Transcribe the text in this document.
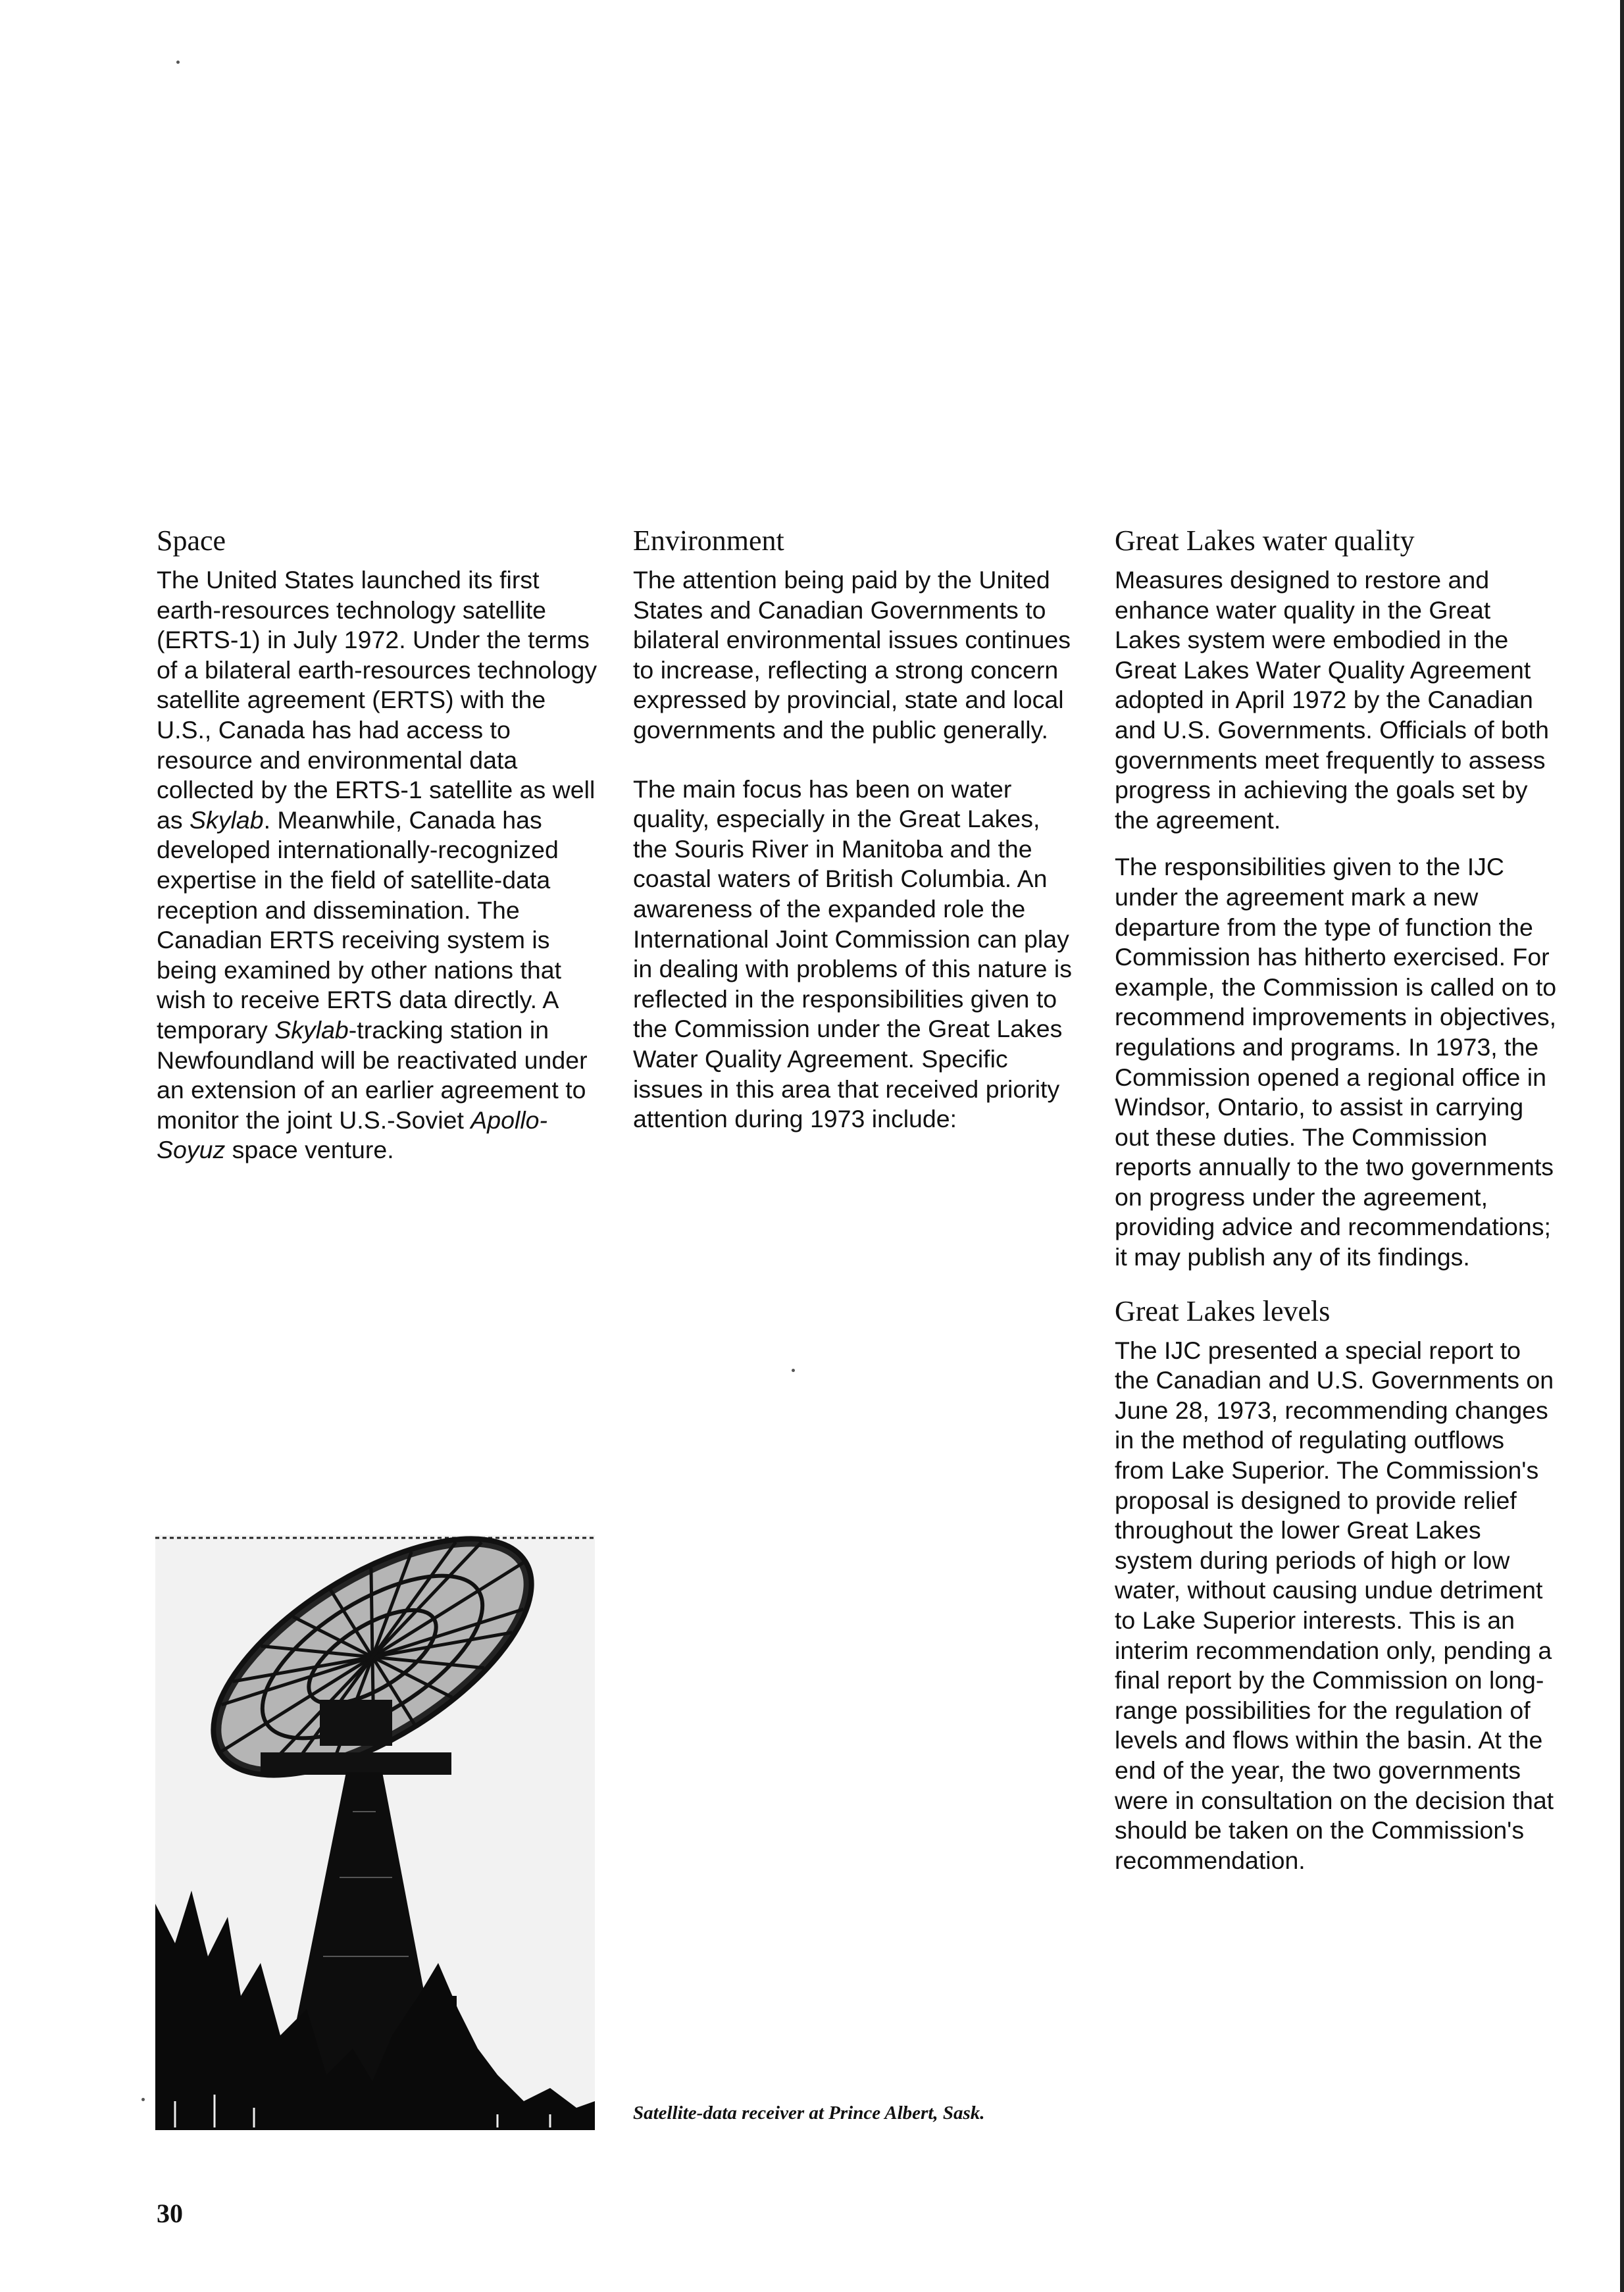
Space

The United States launched its first earth-resources technology satellite (ERTS-1) in July 1972. Under the terms of a bilateral earth-resources technology satellite agreement (ERTS) with the U.S., Canada has had access to resource and environmental data collected by the ERTS-1 satellite as well as Skylab. Meanwhile, Canada has developed internationally-recognized expertise in the field of satellite-data reception and dissemination. The Canadian ERTS receiving system is being examined by other nations that wish to receive ERTS data directly. A temporary Skylab-tracking station in Newfoundland will be reactivated under an extension of an earlier agreement to monitor the joint U.S.-Soviet Apollo-Soyuz space venture.

Environment

The attention being paid by the United States and Canadian Governments to bilateral environmental issues continues to increase, reflecting a strong concern expressed by provincial, state and local governments and the public generally.

The main focus has been on water quality, especially in the Great Lakes, the Souris River in Manitoba and the coastal waters of British Columbia. An awareness of the expanded role the International Joint Commission can play in dealing with problems of this nature is reflected in the responsibilities given to the Commission under the Great Lakes Water Quality Agreement. Specific issues in this area that received priority attention during 1973 include:

Great Lakes water quality

Measures designed to restore and enhance water quality in the Great Lakes system were embodied in the Great Lakes Water Quality Agreement adopted in April 1972 by the Canadian and U.S. Governments. Officials of both governments meet frequently to assess progress in achieving the goals set by the agreement.

The responsibilities given to the IJC under the agreement mark a new departure from the type of function the Commission has hitherto exercised. For example, the Commission is called on to recommend improvements in objectives, regulations and programs. In 1973, the Commission opened a regional office in Windsor, Ontario, to assist in carrying out these duties. The Commission reports annually to the two governments on progress under the agreement, providing advice and recommendations; it may publish any of its findings.

Great Lakes levels

The IJC presented a special report to the Canadian and U.S. Governments on June 28, 1973, recommending changes in the method of regulating outflows from Lake Superior. The Commission's proposal is designed to provide relief throughout the lower Great Lakes system during periods of high or low water, without causing undue detriment to Lake Superior interests. This is an interim recommendation only, pending a final report by the Commission on long-range possibilities for the regulation of levels and flows within the basin. At the end of the year, the two governments were in consultation on the decision that should be taken on the Commission's recommendation.

Satellite-data receiver at Prince Albert, Sask.
30
